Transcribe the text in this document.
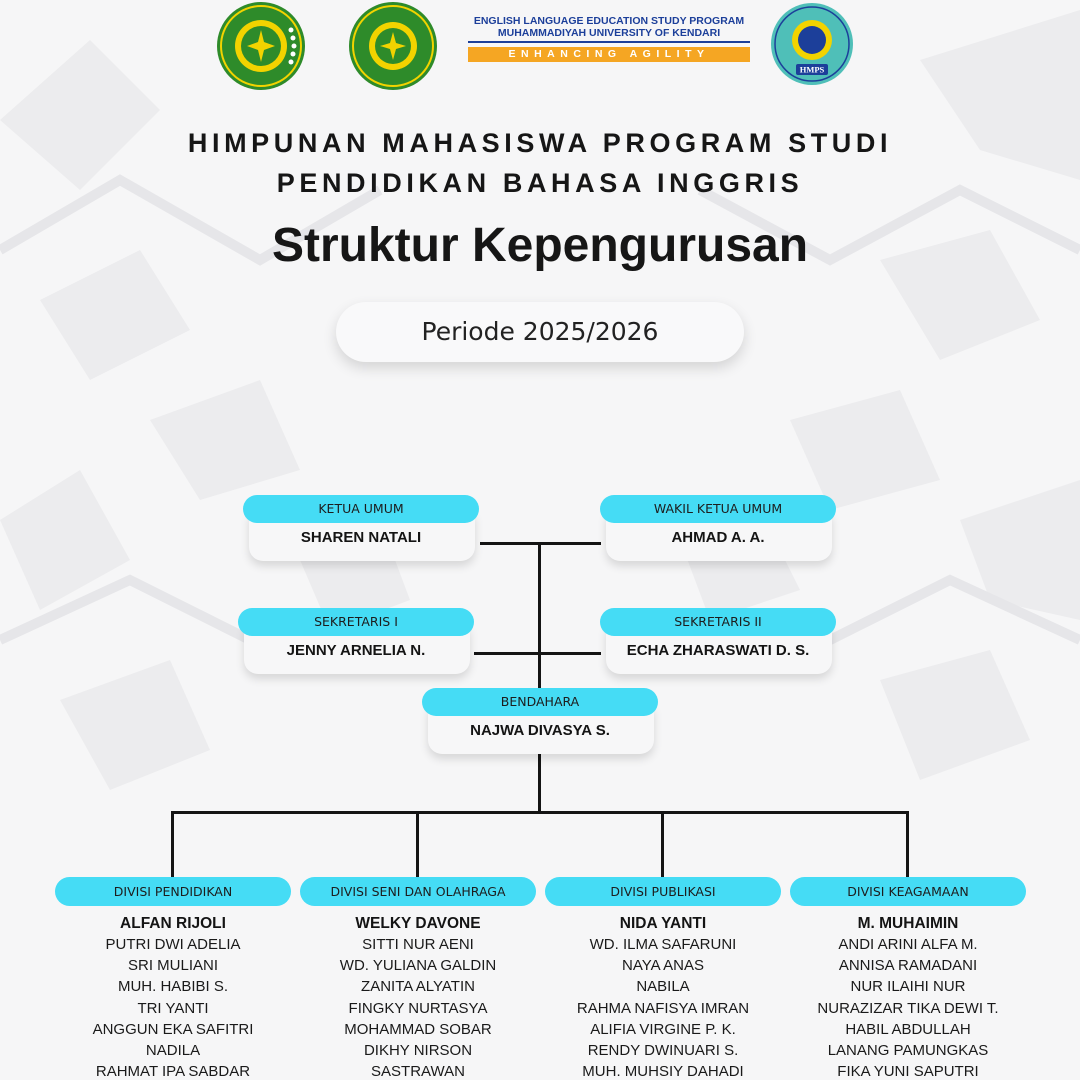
ENGLISH LANGUAGE EDUCATION STUDY PROGRAM
MUHAMMADIYAH UNIVERSITY OF KENDARI
ENHANCING AGILITY
HMPS
HIMPUNAN MAHASISWA PROGRAM STUDI
PENDIDIKAN BAHASA INGGRIS
Struktur Kepengurusan
Periode 2025/2026
KETUA UMUM
SHAREN NATALI
WAKIL KETUA UMUM
AHMAD A. A.
SEKRETARIS I
JENNY ARNELIA N.
SEKRETARIS II
ECHA ZHARASWATI D. S.
BENDAHARA
NAJWA DIVASYA S.
DIVISI PENDIDIKAN
ALFAN RIJOLI
PUTRI DWI ADELIA
SRI MULIANI
MUH. HABIBI S.
TRI YANTI
ANGGUN EKA SAFITRI
NADILA
RAHMAT IPA SABDAR
DIVISI SENI DAN OLAHRAGA
WELKY DAVONE
SITTI NUR AENI
WD. YULIANA GALDIN
ZANITA ALYATIN
FINGKY NURTASYA
MOHAMMAD SOBAR
DIKHY NIRSON
SASTRAWAN
DIVISI PUBLIKASI
NIDA YANTI
WD. ILMA SAFARUNI
NAYA ANAS
NABILA
RAHMA NAFISYA IMRAN
ALIFIA VIRGINE P. K.
RENDY DWINUARI S.
MUH. MUHSIY DAHADI
DIVISI KEAGAMAAN
M. MUHAIMIN
ANDI ARINI ALFA M.
ANNISA RAMADANI
NUR ILAIHI NUR
NURAZIZAR TIKA DEWI T.
HABIL ABDULLAH
LANANG PAMUNGKAS
FIKA YUNI SAPUTRI
